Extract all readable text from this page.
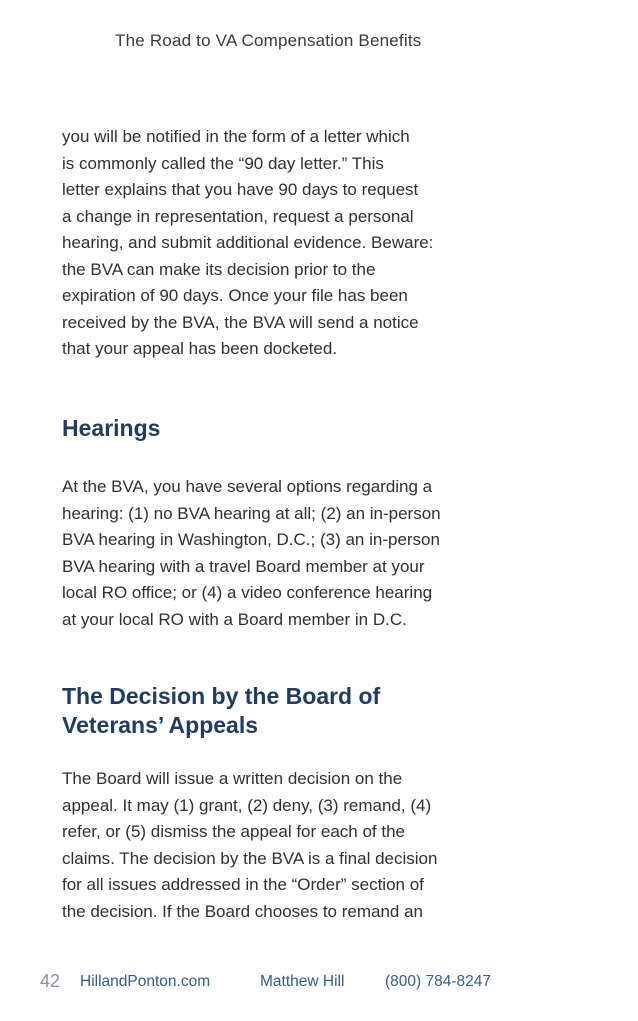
The Road to VA Compensation Benefits

you will be notified in the form of a letter which
is commonly called the “90 day letter.” This
letter explains that you have 90 days to request
a change in representation, request a personal
hearing, and submit additional evidence. Beware:
the BVA can make its decision prior to the
expiration of 90 days. Once your file has been
received by the BVA, the BVA will send a notice
that your appeal has been docketed.

Hearings

At the BVA, you have several options regarding a
hearing: (1) no BVA hearing at all; (2) an in-person
BVA hearing in Washington, D.C.; (3) an in-person
BVA hearing with a travel Board member at your
local RO office; or (4) a video conference hearing
at your local RO with a Board member in D.C.

The Decision by the Board of
Veterans’ Appeals

The Board will issue a written decision on the
appeal. It may (1) grant, (2) deny, (3) remand, (4)
refer, or (5) dismiss the appeal for each of the
claims. The decision by the BVA is a final decision
for all issues addressed in the “Order” section of
the decision. If the Board chooses to remand an

42 HillandPonton.com	Matthew Hill	(800) 784-8247
